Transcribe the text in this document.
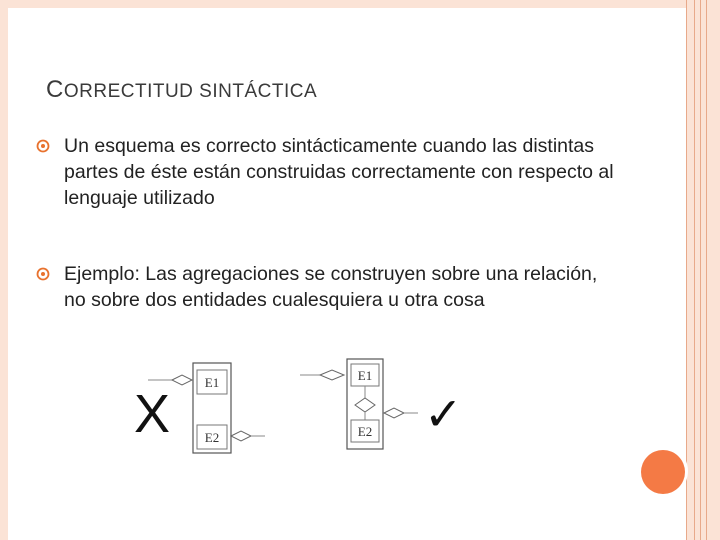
CORRECTITUD SINTÁCTICA
Un esquema es correcto sintácticamente cuando las distintas partes de éste están construidas correctamente con respecto al lenguaje utilizado
Ejemplo: Las agregaciones se construyen sobre una relación, no sobre dos entidades cualesquiera u otra cosa
X
E1
E2
E1
E2 ✓
